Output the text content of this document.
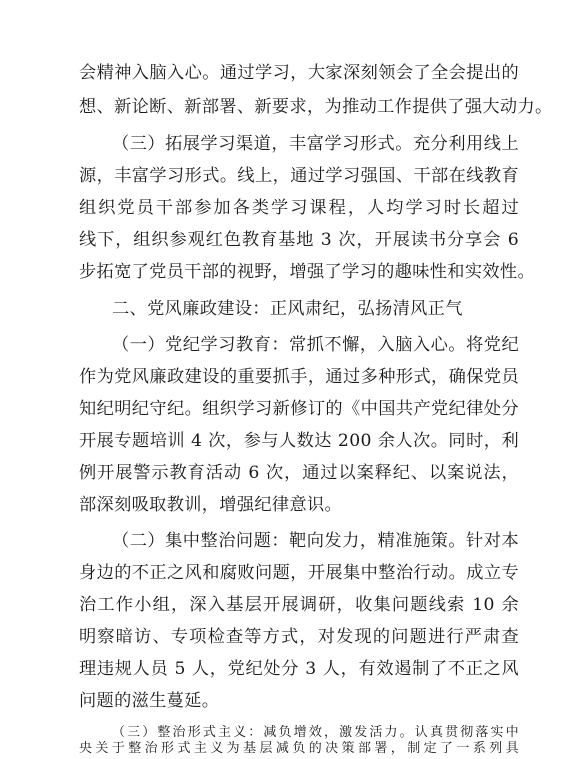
会精神入脑入心。通过学习，大家深刻领会了全会提出的
想、新论断、新部署、新要求，为推动工作提供了强大动力。
（三）拓展学习渠道，丰富学习形式。充分利用线上
源，丰富学习形式。线上，通过学习强国、干部在线教育
组织党员干部参加各类学习课程，人均学习时长超过
线下，组织参观红色教育基地 3 次，开展读书分享会 6
步拓宽了党员干部的视野，增强了学习的趣味性和实效性。
二、党风廉政建设：正风肃纪，弘扬清风正气
（一）党纪学习教育：常抓不懈，入脑入心。将党纪
作为党风廉政建设的重要抓手，通过多种形式，确保党员
知纪明纪守纪。组织学习新修订的《中国共产党纪律处分
开展专题培训 4 次，参与人数达 200 余人次。同时，利
例开展警示教育活动 6 次，通过以案释纪、以案说法，
部深刻吸取教训，增强纪律意识。
（二）集中整治问题：靶向发力，精准施策。针对本
身边的不正之风和腐败问题，开展集中整治行动。成立专
治工作小组，深入基层开展调研，收集问题线索 10 余
明察暗访、专项检查等方式，对发现的问题进行严肃查
理违规人员 5 人，党纪处分 3 人，有效遏制了不正之风
问题的滋生蔓延。
（三）整治形式主义：减负增效，激发活力。认真贯彻落实中
央关于整治形式主义为基层减负的决策部署，制定了一系列具
